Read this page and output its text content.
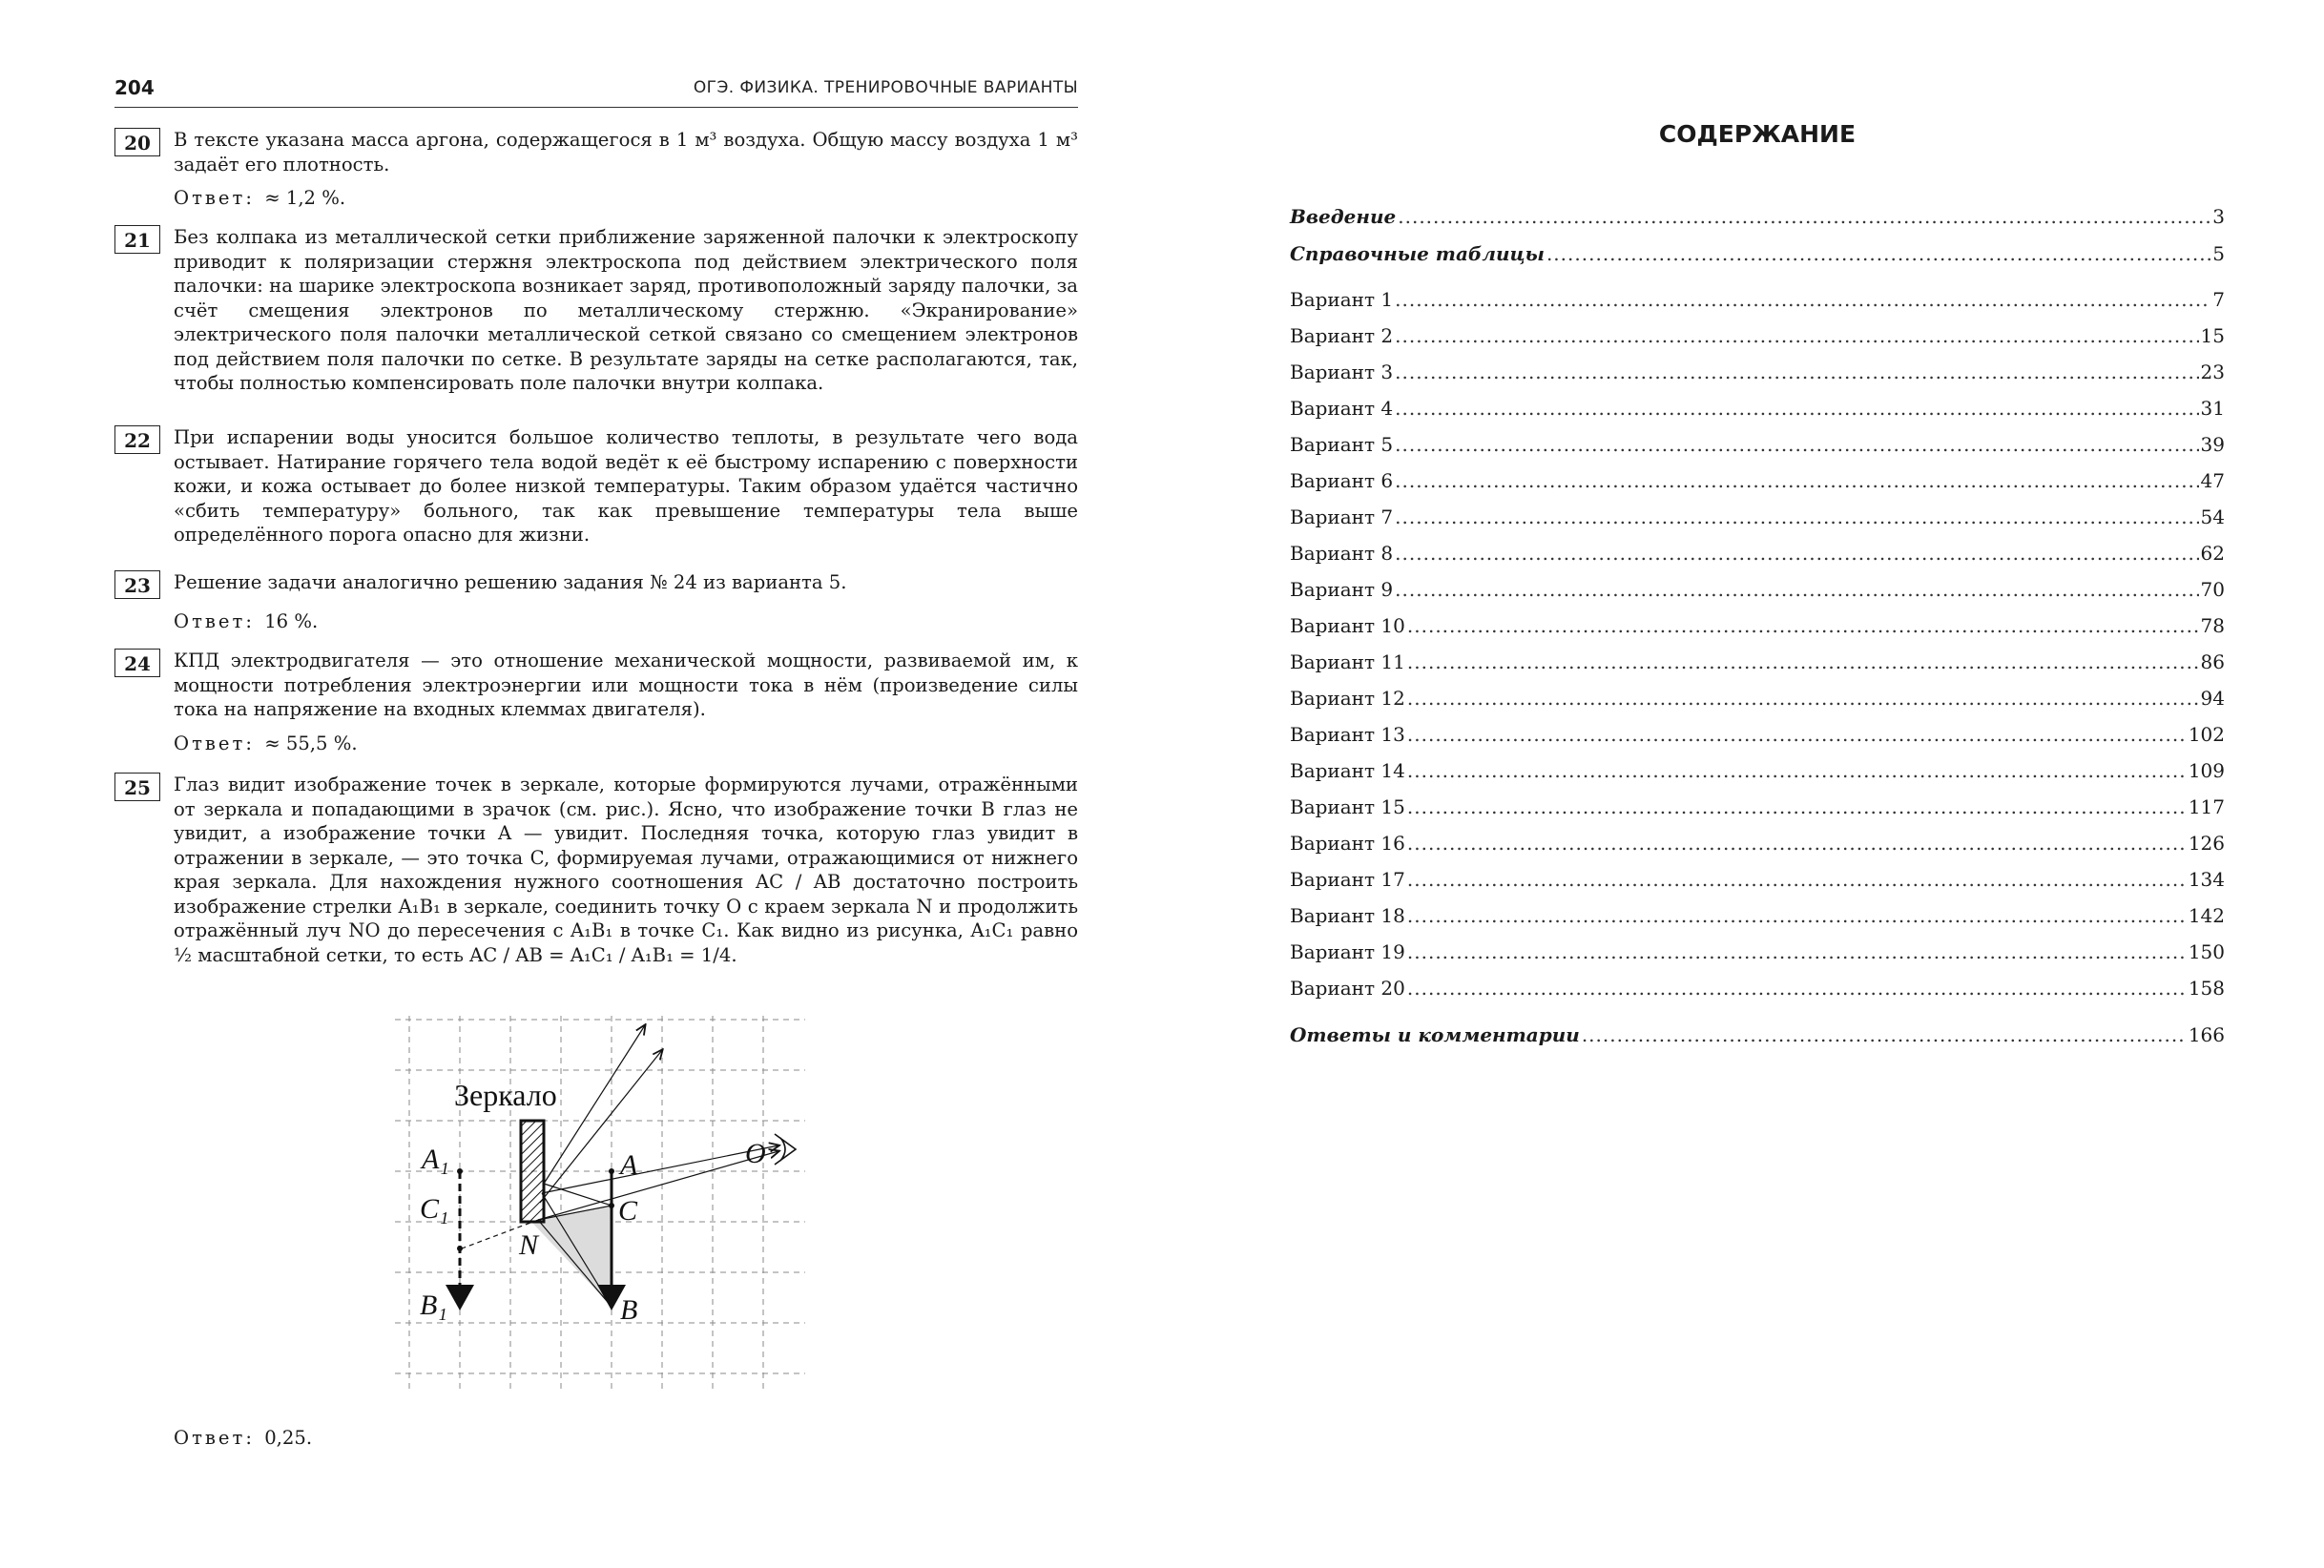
204	ОГЭ. ФИЗИКА. ТРЕНИРОВОЧНЫЕ ВАРИАНТЫ
20	В тексте указана масса аргона, содержащегося в 1 м³ воздуха. Общую массу воздуха 1 м³ задаёт его плотность.
Ответ: ≈ 1,2 %.
21	Без колпака из металлической сетки приближение заряженной палочки к электроскопу приводит к поляризации стержня электроскопа под действием электрического поля палочки: на шарике электроскопа возникает заряд, противоположный заряду палочки, за счёт смещения электронов по металлическому стержню. «Экранирование» электрического поля палочки металлической сеткой связано со смещением электронов под действием поля палочки по сетке. В результате заряды на сетке располагаются, так, чтобы полностью компенсировать поле палочки внутри колпака.
22	При испарении воды уносится большое количество теплоты, в результате чего вода остывает. Натирание горячего тела водой ведёт к её быстрому испарению с поверхности кожи, и кожа остывает до более низкой температуры. Таким образом удаётся частично «сбить температуру» больного, так как превышение температуры тела выше определённого порога опасно для жизни.
23	Решение задачи аналогично решению задания № 24 из варианта 5.
Ответ: 16 %.
24	КПД электродвигателя — это отношение механической мощности, развиваемой им, к мощности потребления электроэнергии или мощности тока в нём (произведение силы тока на напряжение на входных клеммах двигателя).
Ответ: ≈ 55,5 %.
25	Глаз видит изображение точек в зеркале, которые формируются лучами, отражёнными от зеркала и попадающими в зрачок (см. рис.). Ясно, что изображение точки B глаз не увидит, а изображение точки A — увидит. Последняя точка, которую глаз увидит в отражении в зеркале, — это точка C, формируемая лучами, отражающимися от нижнего края зеркала. Для нахождения нужного соотношения AC / AB достаточно построить изображение стрелки A₁B₁ в зеркале, соединить точку O с краем зеркала N и продолжить отражённый луч NO до пересечения с A₁B₁ в точке C₁. Как видно из рисунка, A₁C₁ равно ½ масштабной сетки, то есть AC / AB = A₁C₁ / A₁B₁ = 1/4.
Зеркало
A₁
C₁
B₁
N
A
C
B
O
Ответ: 0,25.
СОДЕРЖАНИЕ
Введение .....	3
Справочные таблицы .....	5
Вариант 1 .....	7
Вариант 2 .....	15
Вариант 3 .....	23
Вариант 4 .....	31
Вариант 5 .....	39
Вариант 6 .....	47
Вариант 7 .....	54
Вариант 8 .....	62
Вариант 9 .....	70
Вариант 10 .....	78
Вариант 11 .....	86
Вариант 12 .....	94
Вариант 13 .....	102
Вариант 14 .....	109
Вариант 15 .....	117
Вариант 16 .....	126
Вариант 17 .....	134
Вариант 18 .....	142
Вариант 19 .....	150
Вариант 20 .....	158
Ответы и комментарии .....	166
